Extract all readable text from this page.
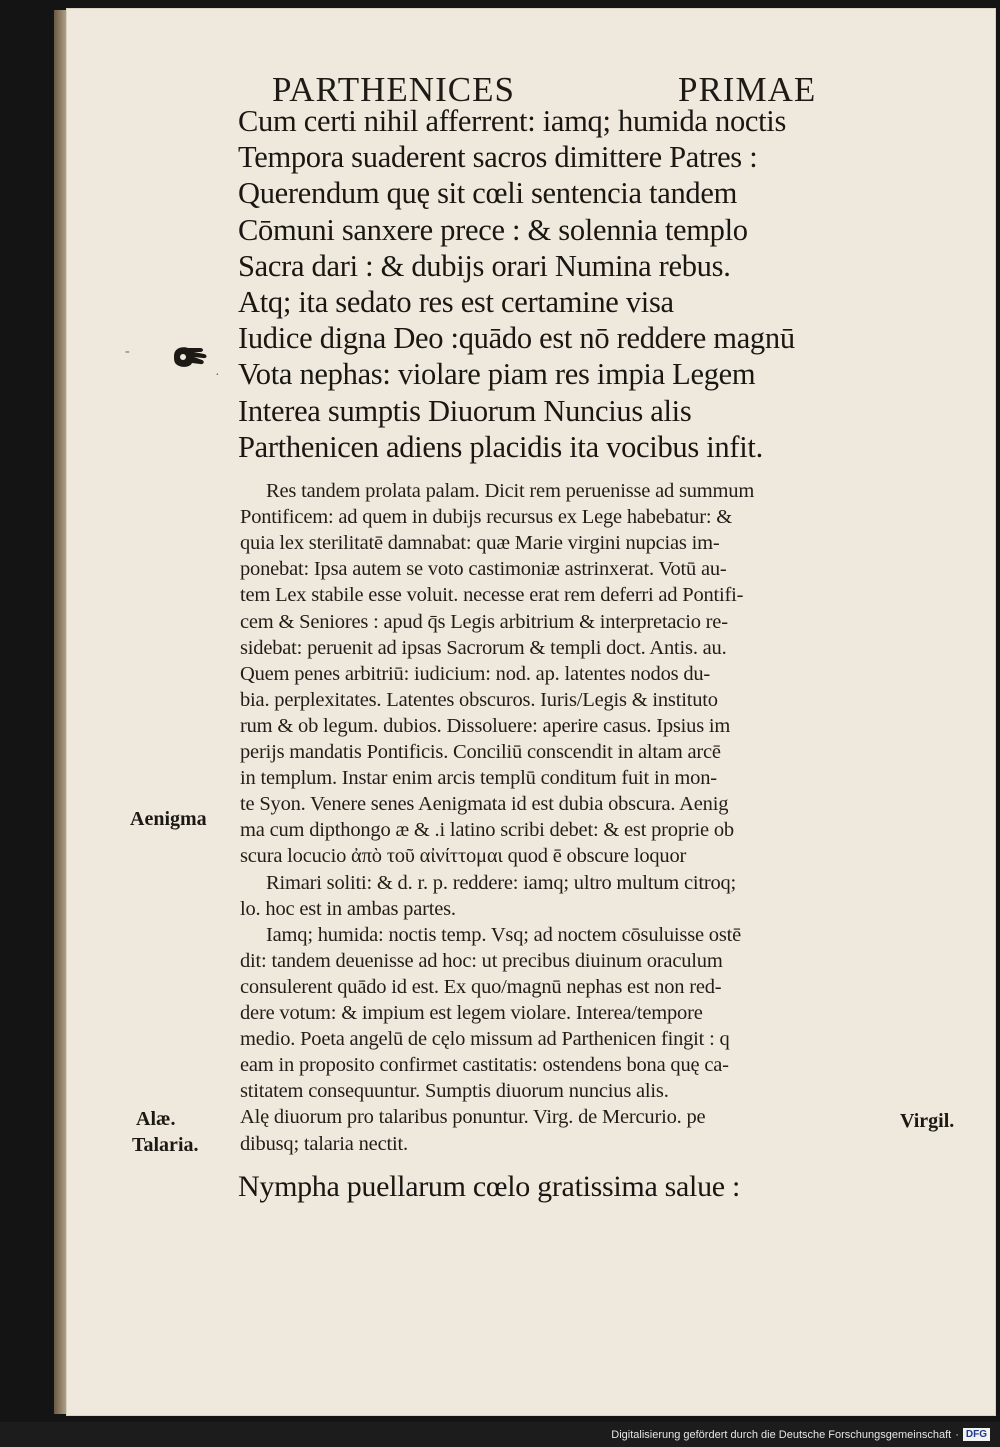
PARTHENICES	PRIMAE
Cum certi nihil afferrent: iamq; humida noctis
Tempora suaderent sacros dimittere Patres :
Querendum quę sit cœli sentencia tandem
Cōmuni sanxere prece : & solennia templo
Sacra dari : & dubijs orari Numina rebus.
Atq; ita sedato res est certamine visa
Iudice digna Deo :quādo est nō reddere magnū
Vota nephas: violare piam res impia Legem
Interea sumptis Diuorum Nuncius alis
Parthenicen adiens placidis ita vocibus infit.
Res tandem prolata palam. Dicit rem peruenisse ad summum
Pontificem: ad quem in dubijs recursus ex Lege habebatur: &
quia lex sterilitatē damnabat: quæ Marie virgini nupcias im-
ponebat: Ipsa autem se voto castimoniæ astrinxerat. Votū au-
tem Lex stabile esse voluit. necesse erat rem deferri ad Pontifi-
cem & Seniores : apud q̄s Legis arbitrium & interpretacio re-
sidebat: peruenit ad ipsas Sacrorum & templi doct. Antis. au.
Quem penes arbitriū: iudicium: nod. ap. latentes nodos du-
bia. perplexitates. Latentes obscuros. Iuris/Legis & instituto
rum & ob legum. dubios. Dissoluere: aperire casus. Ipsius im
perijs mandatis Pontificis. Conciliū conscendit in altam arcē
in templum. Instar enim arcis templū conditum fuit in mon-
te Syon. Venere senes Aenigmata id est dubia obscura. Aenig
ma cum dipthongo æ & .i latino scribi debet: & est proprie ob
scura locucio ἀπὸ τοῦ αἰνίττομαι quod ē obscure loquor
Rimari soliti: & d. r. p. reddere: iamq; ultro multum citroq;
lo. hoc est in ambas partes.
Iamq; humida: noctis temp. Vsq; ad noctem cōsuluisse ostē
dit: tandem deuenisse ad hoc: ut precibus diuinum oraculum
consulerent quādo id est. Ex quo/magnū nephas est non red-
dere votum: & impium est legem violare. Interea/tempore
medio. Poeta angelū de cęlo missum ad Parthenicen fingit : q
eam in proposito confirmet castitatis: ostendens bona quę ca-
stitatem consequuntur. Sumptis diuorum nuncius alis.
Alę diuorum pro talaribus ponuntur. Virg. de Mercurio. pe
dibusq; talaria nectit.
Nympha puellarum cœlo gratissima salue :
-
·
Aenigma
Alæ.
Talaria.
Virgil.
Digitalisierung gefördert durch die Deutsche Forschungsgemeinschaft · DFG
